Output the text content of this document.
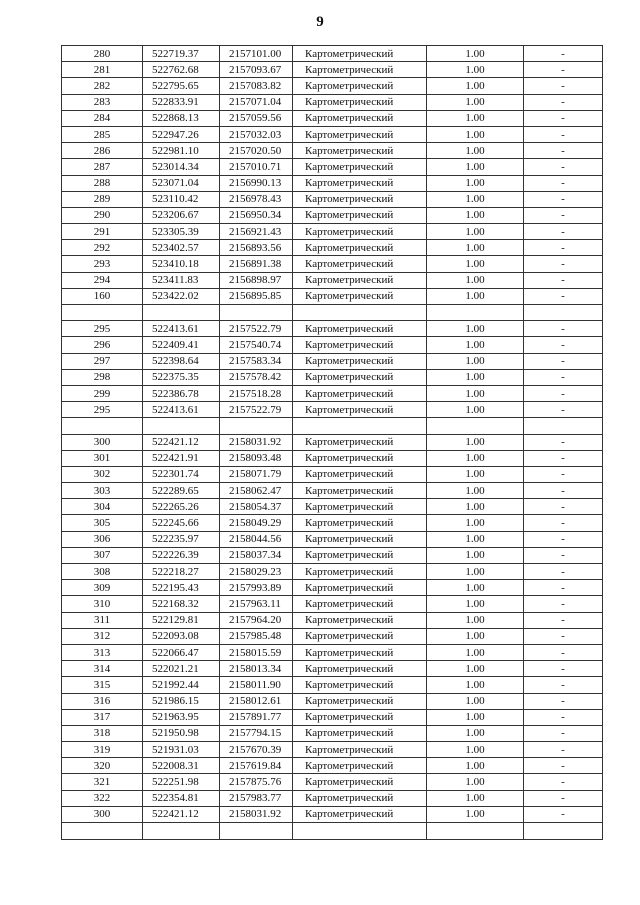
9
280	522719.37	2157101.00	Картометрический	1.00	-
281	522762.68	2157093.67	Картометрический	1.00	-
282	522795.65	2157083.82	Картометрический	1.00	-
283	522833.91	2157071.04	Картометрический	1.00	-
284	522868.13	2157059.56	Картометрический	1.00	-
285	522947.26	2157032.03	Картометрический	1.00	-
286	522981.10	2157020.50	Картометрический	1.00	-
287	523014.34	2157010.71	Картометрический	1.00	-
288	523071.04	2156990.13	Картометрический	1.00	-
289	523110.42	2156978.43	Картометрический	1.00	-
290	523206.67	2156950.34	Картометрический	1.00	-
291	523305.39	2156921.43	Картометрический	1.00	-
292	523402.57	2156893.56	Картометрический	1.00	-
293	523410.18	2156891.38	Картометрический	1.00	-
294	523411.83	2156898.97	Картометрический	1.00	-
160	523422.02	2156895.85	Картометрический	1.00	-

295	522413.61	2157522.79	Картометрический	1.00	-
296	522409.41	2157540.74	Картометрический	1.00	-
297	522398.64	2157583.34	Картометрический	1.00	-
298	522375.35	2157578.42	Картометрический	1.00	-
299	522386.78	2157518.28	Картометрический	1.00	-
295	522413.61	2157522.79	Картометрический	1.00	-

300	522421.12	2158031.92	Картометрический	1.00	-
301	522421.91	2158093.48	Картометрический	1.00	-
302	522301.74	2158071.79	Картометрический	1.00	-
303	522289.65	2158062.47	Картометрический	1.00	-
304	522265.26	2158054.37	Картометрический	1.00	-
305	522245.66	2158049.29	Картометрический	1.00	-
306	522235.97	2158044.56	Картометрический	1.00	-
307	522226.39	2158037.34	Картометрический	1.00	-
308	522218.27	2158029.23	Картометрический	1.00	-
309	522195.43	2157993.89	Картометрический	1.00	-
310	522168.32	2157963.11	Картометрический	1.00	-
311	522129.81	2157964.20	Картометрический	1.00	-
312	522093.08	2157985.48	Картометрический	1.00	-
313	522066.47	2158015.59	Картометрический	1.00	-
314	522021.21	2158013.34	Картометрический	1.00	-
315	521992.44	2158011.90	Картометрический	1.00	-
316	521986.15	2158012.61	Картометрический	1.00	-
317	521963.95	2157891.77	Картометрический	1.00	-
318	521950.98	2157794.15	Картометрический	1.00	-
319	521931.03	2157670.39	Картометрический	1.00	-
320	522008.31	2157619.84	Картометрический	1.00	-
321	522251.98	2157875.76	Картометрический	1.00	-
322	522354.81	2157983.77	Картометрический	1.00	-
300	522421.12	2158031.92	Картометрический	1.00	-
